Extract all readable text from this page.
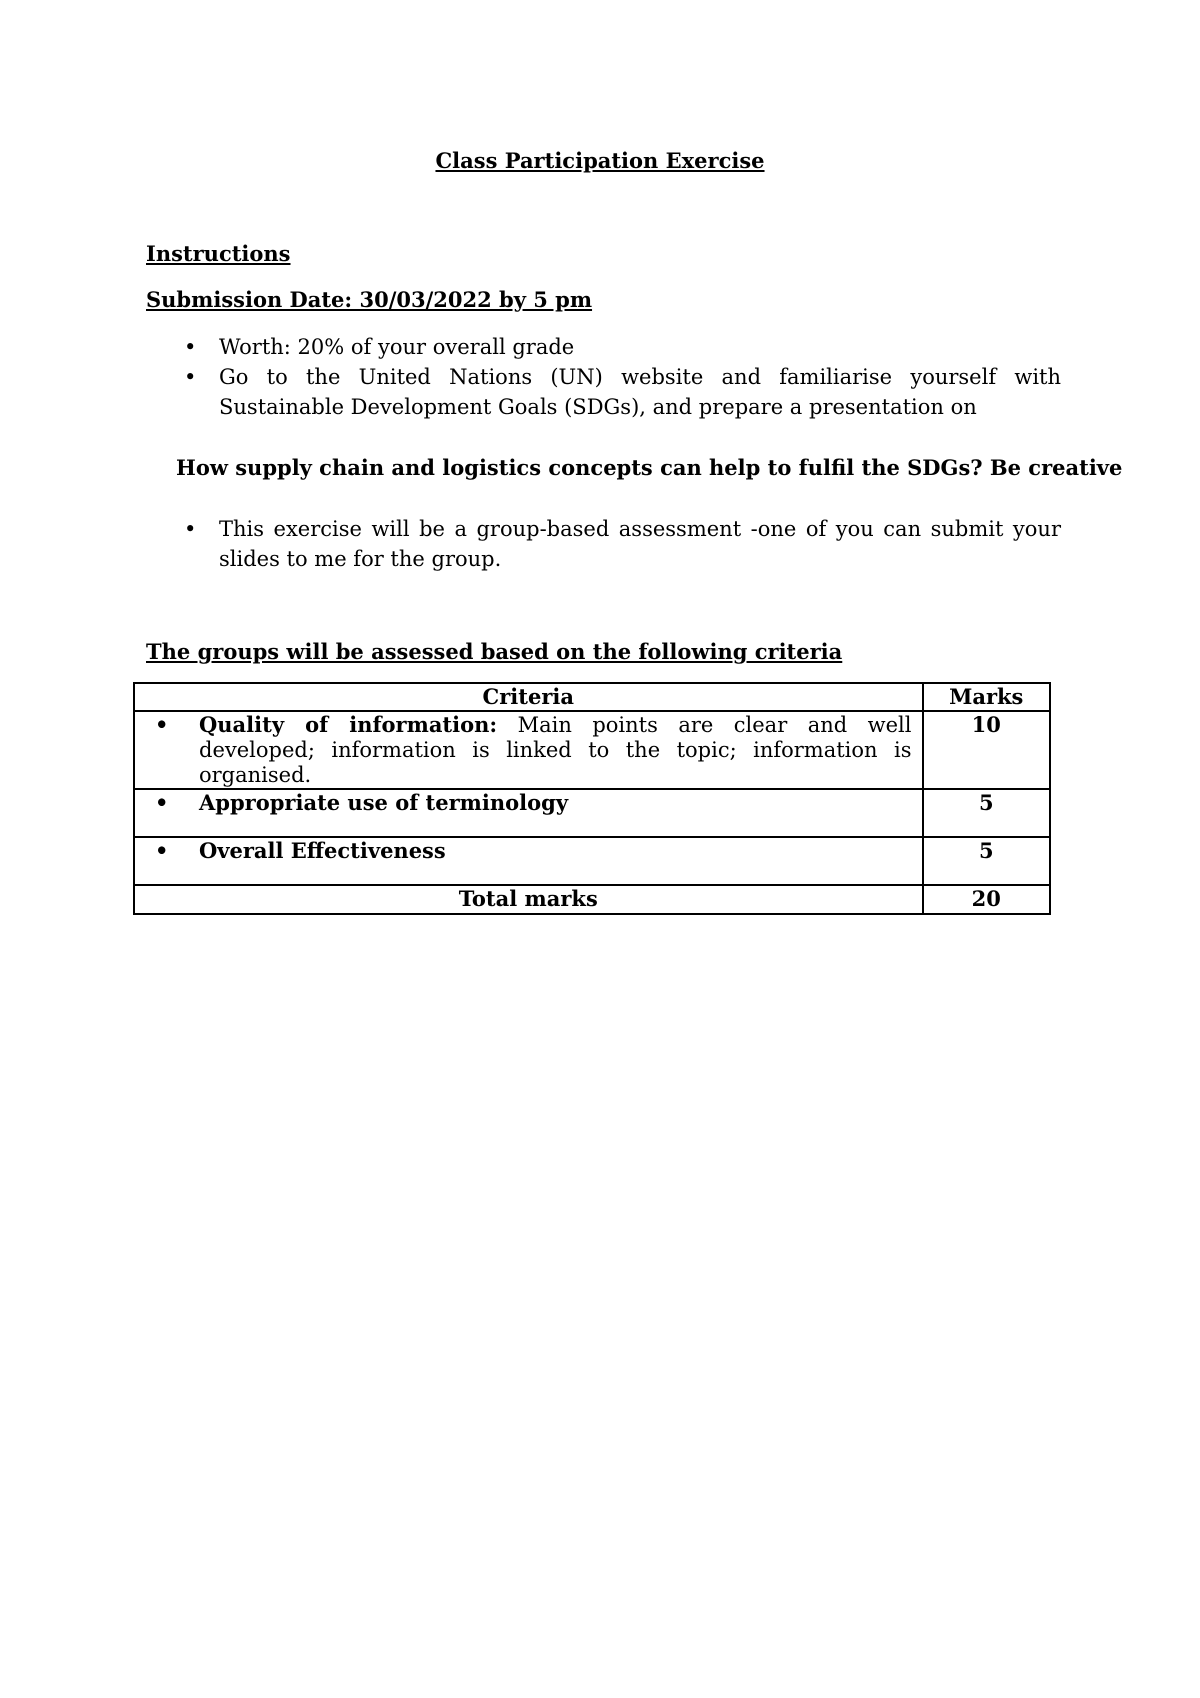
Class Participation Exercise
Instructions
Submission Date: 30/03/2022 by 5 pm
• Worth: 20% of your overall grade
• Go to the United Nations (UN) website and familiarise yourself with Sustainable Development Goals (SDGs), and prepare a presentation on
How supply chain and logistics concepts can help to fulfil the SDGs? Be creative
• This exercise will be a group-based assessment -one of you can submit your slides to me for the group.
The groups will be assessed based on the following criteria
Criteria	Marks

• Quality of information: Main points are clear and well developed; information is linked to the topic; information is organised.	10

• Appropriate use of terminology	5

• Overall Effectiveness	5
Total marks	20
